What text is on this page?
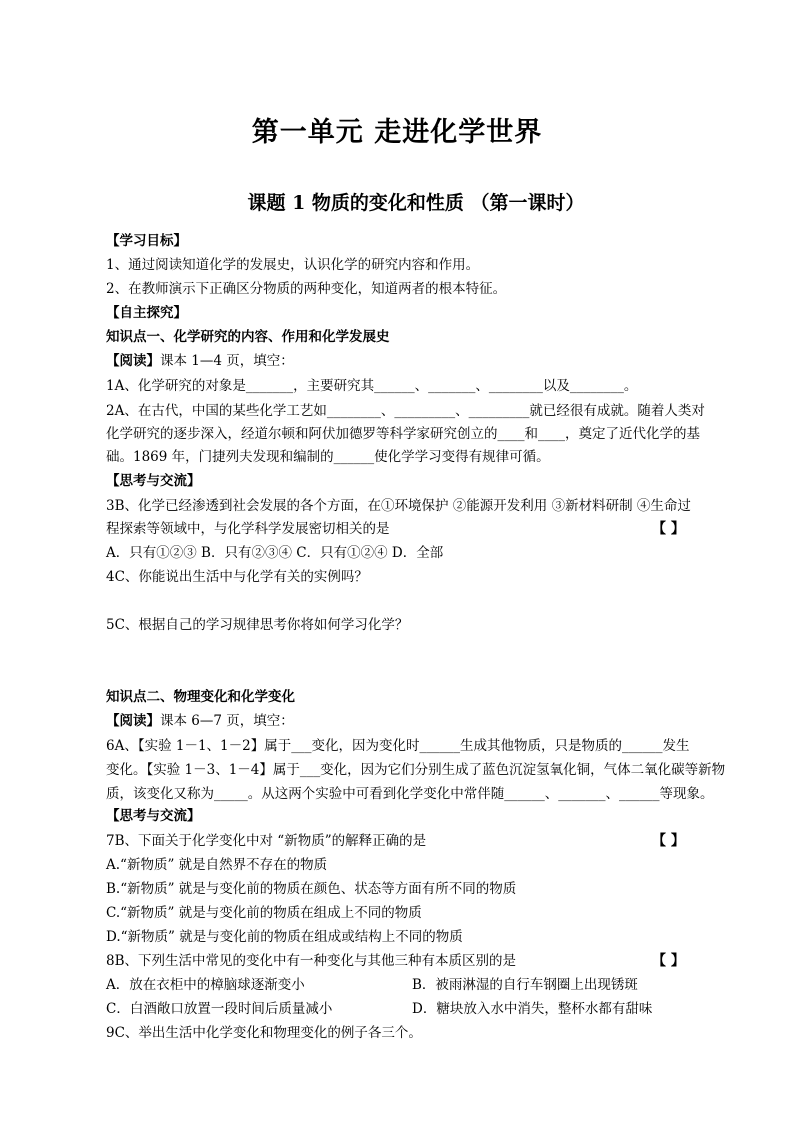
第一单元 走进化学世界
课题 1 物质的变化和性质 （第一课时）
【学习目标】
1、通过阅读知道化学的发展史，认识化学的研究内容和作用。
2、在教师演示下正确区分物质的两种变化，知道两者的根本特征。
【自主探究】
知识点一、化学研究的内容、作用和化学发展史
【阅读】课本 1—4 页，填空：
1A、化学研究的对象是_______，主要研究其______、_______、________以及________。
2A、在古代，中国的某些化学工艺如________、_________、_________就已经很有成就。随着人类对
化学研究的逐步深入，经道尔顿和阿伏加德罗等科学家研究创立的____和____，奠定了近代化学的基
础。1869 年，门捷列夫发现和编制的______使化学学习变得有规律可循。
【思考与交流】
3B、化学已经渗透到社会发展的各个方面，在①环境保护 ②能源开发利用 ③新材料研制 ④生命过
程探索等领域中，与化学科学发展密切相关的是	【 】
A．只有①②③ B．只有②③④ C．只有①②④ D．全部
4C、你能说出生活中与化学有关的实例吗？
5C、根据自己的学习规律思考你将如何学习化学？
知识点二、物理变化和化学变化
【阅读】课本 6—7 页，填空：
6A、【实验 1－1、1－2】属于___变化，因为变化时______生成其他物质，只是物质的______发生
变化。【实验 1－3、1－4】属于___变化，因为它们分别生成了蓝色沉淀氢氧化铜，气体二氧化碳等新物
质，该变化又称为_____。从这两个实验中可看到化学变化中常伴随______、_______、______等现象。
【思考与交流】
7B、下面关于化学变化中对 “新物质”的解释正确的是	【 】
A.“新物质” 就是自然界不存在的物质
B.“新物质” 就是与变化前的物质在颜色、状态等方面有所不同的物质
C.“新物质” 就是与变化前的物质在组成上不同的物质
D.“新物质” 就是与变化前的物质在组成或结构上不同的物质
8B、下列生活中常见的变化中有一种变化与其他三种有本质区别的是	【 】
A．放在衣柜中的樟脑球逐渐变小	B．被雨淋湿的自行车钢圈上出现锈斑
C．白酒敞口放置一段时间后质量减小	D．糖块放入水中消失，整杯水都有甜味
9C、举出生活中化学变化和物理变化的例子各三个。
